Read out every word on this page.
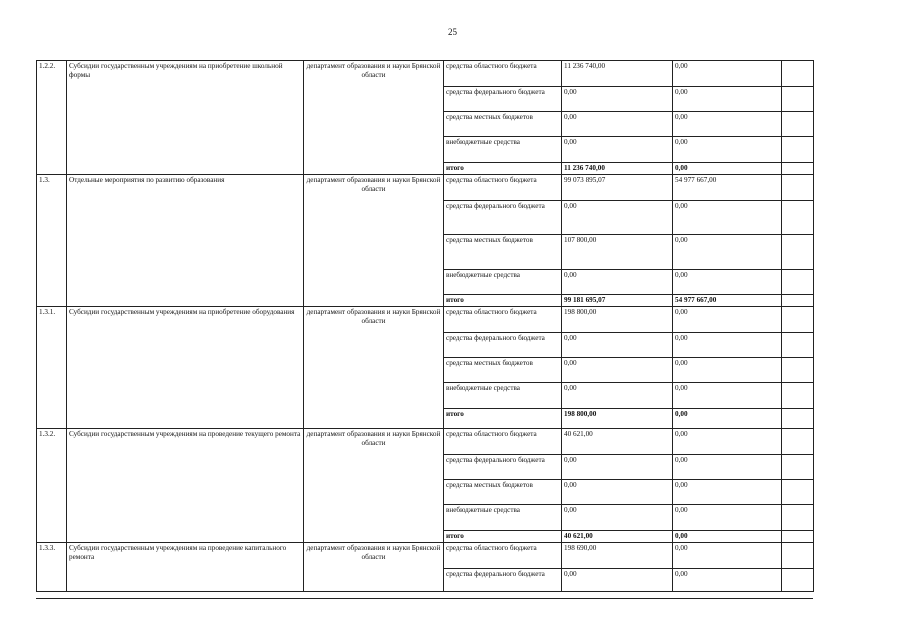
25
1.2.2.	Субсидии государственным учреждениям на приобретение школьной формы	департамент образования и науки Брянской области	средства областного бюджета	11 236 740,00	0,00	
			средства федерального бюджета	0,00	0,00	
			средства местных бюджетов	0,00	0,00	
			внебюджетные средства	0,00	0,00	
			итого	11 236 740,00	0,00	
1.3.	Отдельные мероприятия по развитию образования	департамент образования и науки Брянской области	средства областного бюджета	99 073 895,07	54 977 667,00	
			средства федерального бюджета	0,00	0,00	
			средства местных бюджетов	107 800,00	0,00	
			внебюджетные средства	0,00	0,00	
			итого	99 181 695,07	54 977 667,00	
1.3.1.	Субсидии государственным учреждениям на приобретение оборудования	департамент образования и науки Брянской области	средства областного бюджета	198 800,00	0,00	
			средства федерального бюджета	0,00	0,00	
			средства местных бюджетов	0,00	0,00	
			внебюджетные средства	0,00	0,00	
			итого	198 800,00	0,00	
1.3.2.	Субсидии государственным учреждениям на проведение текущего ремонта	департамент образования и науки Брянской области	средства областного бюджета	40 621,00	0,00	
			средства федерального бюджета	0,00	0,00	
			средства местных бюджетов	0,00	0,00	
			внебюджетные средства	0,00	0,00	
			итого	40 621,00	0,00	
1.3.3.	Субсидии государственным учреждениям на проведение капитального ремонта	департамент образования и науки Брянской области	средства областного бюджета	198 690,00	0,00	
			средства федерального бюджета	0,00	0,00	
